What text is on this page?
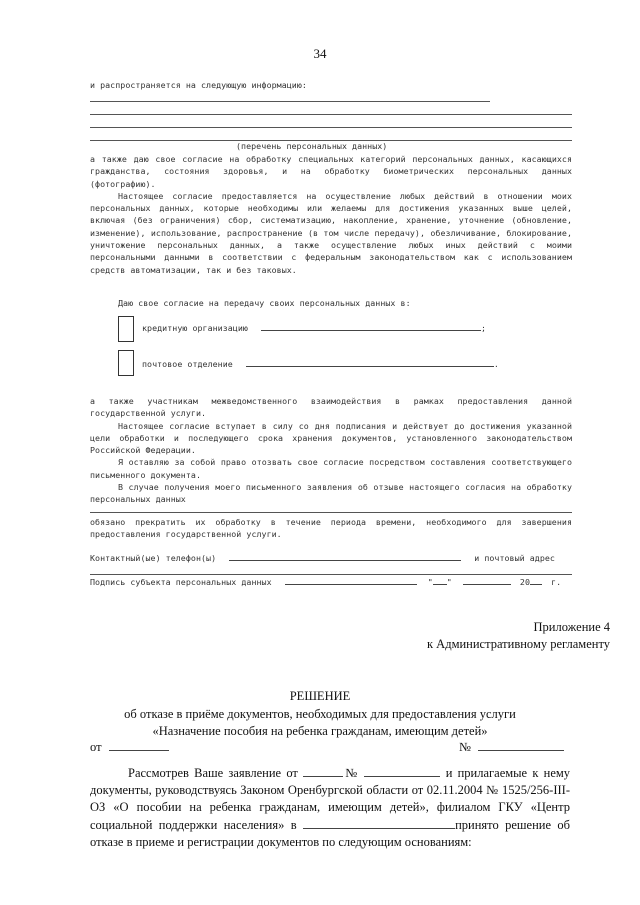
34
и распространяется на следующую информацию:
(перечень персональных данных)

а также даю свое согласие на обработку специальных категорий персональных данных, касающихся гражданства, состояния здоровья, и на обработку биометрических персональных данных (фотографию).

Настоящее согласие предоставляется на осуществление любых действий в отношении моих персональных данных, которые необходимы или желаемы для достижения указанных выше целей, включая (без ограничения) сбор, систематизацию, накопление, хранение, уточнение (обновление, изменение), использование, распространение (в том числе передачу), обезличивание, блокирование, уничтожение персональных данных, а также осуществление любых иных действий с моими персональными данными в соответствии с федеральным законодательством как с использованием средств автоматизации, так и без таковых.

Даю свое согласие на передачу своих персональных данных в:
кредитную организацию	;
почтовое отделение	.

а также участникам межведомственного взаимодействия в рамках предоставления данной государственной услуги.

Настоящее согласие вступает в силу со дня подписания и действует до достижения указанной цели обработки и последующего срока хранения документов, установленного законодательством Российской Федерации.

Я оставляю за собой право отозвать свое согласие посредством составления соответствующего письменного документа.

В случае получения моего письменного заявления об отзыве настоящего согласия на обработку персональных данных

обязано прекратить их обработку в течение периода времени, необходимого для завершения предоставления государственной услуги.
Контактный(ые) телефон(ы)	и почтовый адрес
Подпись субъекта персональных данных	" "	20	г.
Приложение 4
к Административному регламенту
РЕШЕНИЕ
об отказе в приёме документов, необходимых для предоставления услуги
«Назначение пособия на ребенка гражданам, имеющим детей»
от	№
Рассмотрев Ваше заявление от	№	и прилагаемые к нему документы, руководствуясь Законом Оренбургской области от 02.11.2004 № 1525/256-III-ОЗ «О пособии на ребенка гражданам, имеющим детей», филиалом ГКУ «Центр социальной поддержки населения» в	принято решение об отказе в приеме и регистрации документов по следующим основаниям:
